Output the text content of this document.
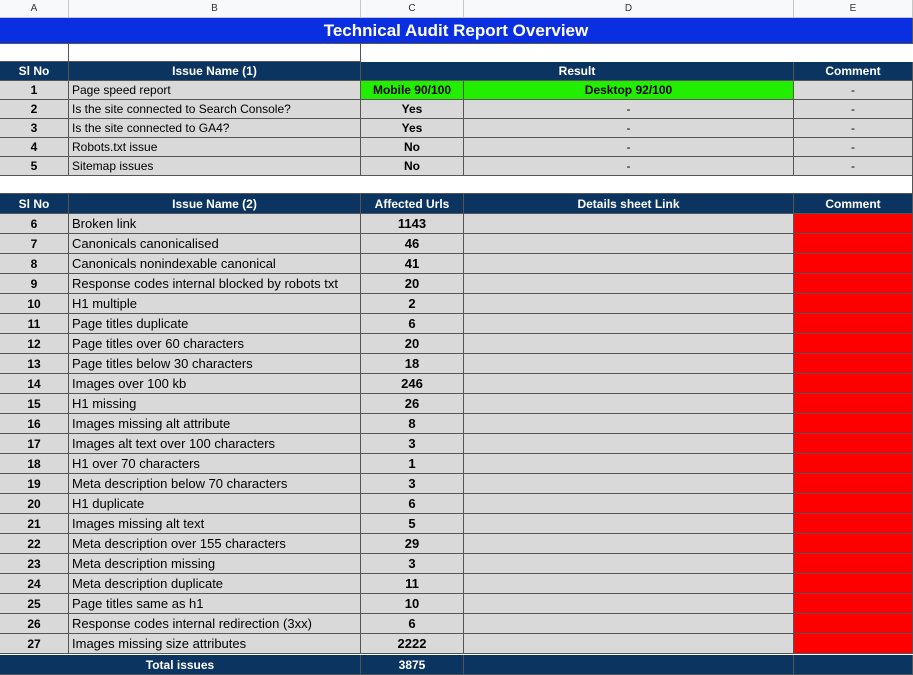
A	B	C	D	E
Technical Audit Report Overview
Sl No	Issue Name (1)	Result	Comment
1	Page speed report	Mobile 90/100	Desktop 92/100	-
2	Is the site connected to Search Console?	Yes	-	-
3	Is the site connected to GA4?	Yes	-	-
4	Robots.txt issue	No	-	-
5	Sitemap issues	No	-	-
Sl No	Issue Name (2)	Affected Urls	Details sheet Link	Comment
6	Broken link	1143
7	Canonicals canonicalised	46
8	Canonicals nonindexable canonical	41
9	Response codes internal blocked by robots txt	20
10	H1 multiple	2
11	Page titles duplicate	6
12	Page titles over 60 characters	20
13	Page titles below 30 characters	18
14	Images over 100 kb	246
15	H1 missing	26
16	Images missing alt attribute	8
17	Images alt text over 100 characters	3
18	H1 over 70 characters	1
19	Meta description below 70 characters	3
20	H1 duplicate	6
21	Images missing alt text	5
22	Meta description over 155 characters	29
23	Meta description missing	3
24	Meta description duplicate	11
25	Page titles same as h1	10
26	Response codes internal redirection (3xx)	6
27	Images missing size attributes	2222
Total issues	3875
